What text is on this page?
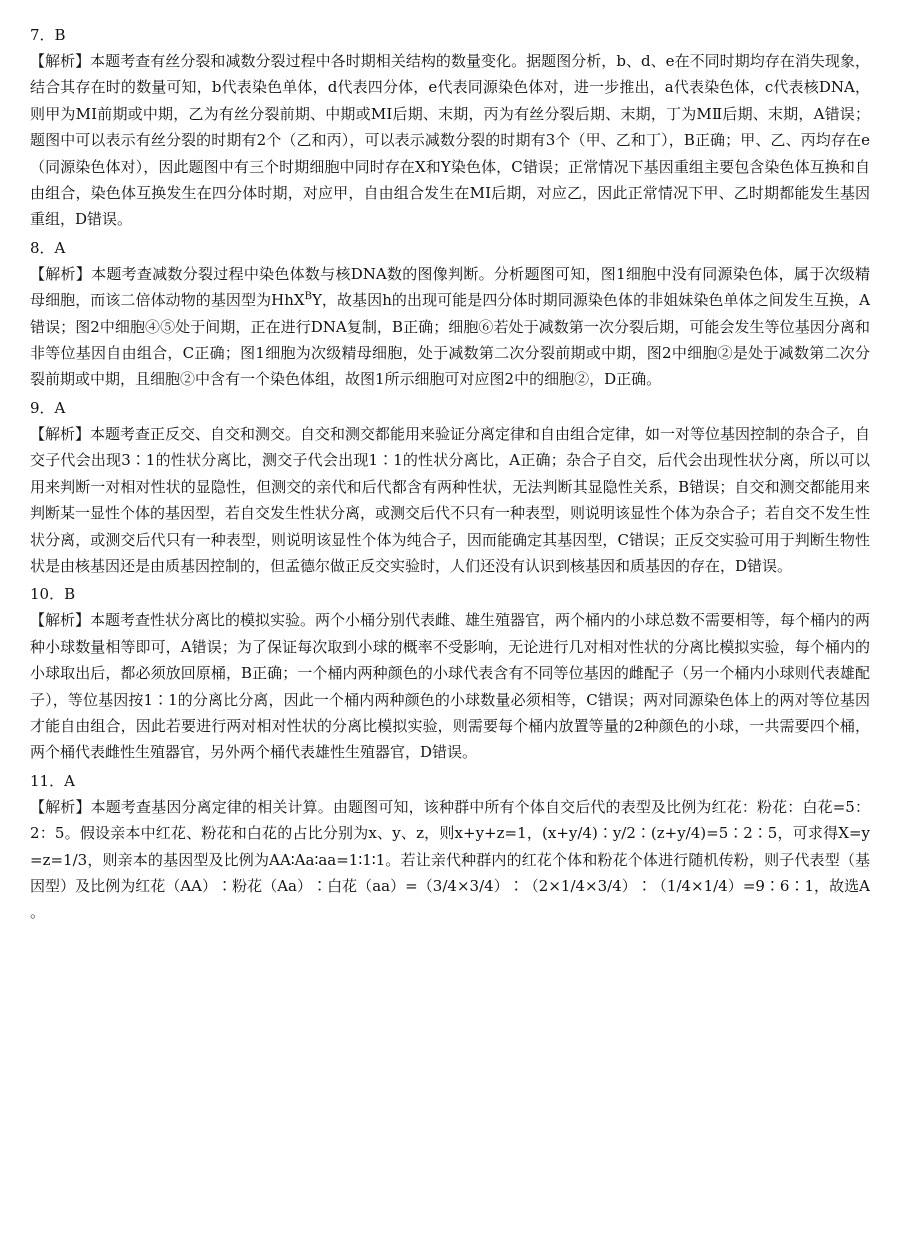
7．B

【解析】本题考查有丝分裂和减数分裂过程中各时期相关结构的数量变化。据题图分析，b、d、e在不同时期均存在消失现象，结合其存在时的数量可知，b代表染色单体，d代表四分体，e代表同源染色体对，进一步推出，a代表染色体，c代表核DNA，则甲为MⅠ前期或中期，乙为有丝分裂前期、中期或MⅠ后期、末期，丙为有丝分裂后期、末期，丁为MⅡ后期、末期，A错误；题图中可以表示有丝分裂的时期有2个（乙和丙），可以表示减数分裂的时期有3个（甲、乙和丁），B正确；甲、乙、丙均存在e（同源染色体对），因此题图中有三个时期细胞中同时存在X和Y染色体，C错误；正常情况下基因重组主要包含染色体互换和自由组合，染色体互换发生在四分体时期，对应甲，自由组合发生在MⅠ后期，对应乙，因此正常情况下甲、乙时期都能发生基因重组，D错误。

8．A

【解析】本题考查减数分裂过程中染色体数与核DNA数的图像判断。分析题图可知，图1细胞中没有同源染色体，属于次级精母细胞，而该二倍体动物的基因型为HhX$^B$Y，故基因h的出现可能是四分体时期同源染色体的非姐妹染色单体之间发生互换，A错误；图2中细胞④⑤处于间期，正在进行DNA复制，B正确；细胞⑥若处于减数第一次分裂后期，可能会发生等位基因分离和非等位基因自由组合，C正确；图1细胞为次级精母细胞，处于减数第二次分裂前期或中期，图2中细胞②是处于减数第二次分裂前期或中期，且细胞②中含有一个染色体组，故图1所示细胞可对应图2中的细胞②，D正确。

9．A

【解析】本题考查正反交、自交和测交。自交和测交都能用来验证分离定律和自由组合定律，如一对等位基因控制的杂合子，自交子代会出现3∶1的性状分离比，测交子代会出现1∶1的性状分离比，A正确；杂合子自交，后代会出现性状分离，所以可以用来判断一对相对性状的显隐性，但测交的亲代和后代都含有两种性状，无法判断其显隐性关系，B错误；自交和测交都能用来判断某一显性个体的基因型，若自交发生性状分离，或测交后代不只有一种表型，则说明该显性个体为杂合子；若自交不发生性状分离，或测交后代只有一种表型，则说明该显性个体为纯合子，因而能确定其基因型，C错误；正反交实验可用于判断生物性状是由核基因还是由质基因控制的，但孟德尔做正反交实验时，人们还没有认识到核基因和质基因的存在，D错误。

10．B

【解析】本题考查性状分离比的模拟实验。两个小桶分别代表雌、雄生殖器官，两个桶内的小球总数不需要相等，每个桶内的两种小球数量相等即可，A错误；为了保证每次取到小球的概率不受影响，无论进行几对相对性状的分离比模拟实验，每个桶内的小球取出后，都必须放回原桶，B正确；一个桶内两种颜色的小球代表含有不同等位基因的雌配子（另一个桶内小球则代表雄配子），等位基因按1∶1的分离比分离，因此一个桶内两种颜色的小球数量必须相等，C错误；两对同源染色体上的两对等位基因才能自由组合，因此若要进行两对相对性状的分离比模拟实验，则需要每个桶内放置等量的2种颜色的小球，一共需要四个桶，两个桶代表雌性生殖器官，另外两个桶代表雄性生殖器官，D错误。

11．A

【解析】本题考查基因分离定律的相关计算。由题图可知，该种群中所有个体自交后代的表型及比例为红花：粉花：白花=5：2：5。假设亲本中红花、粉花和白花的占比分别为x、y、z，则x+y+z=1，(x+y/4)∶y/2∶(z+y/4)=5∶2∶5，可求得X=y=z=1/3，则亲本的基因型及比例为AA∶Aa∶aa=1∶1∶1。若让亲代种群内的红花个体和粉花个体进行随机传粉，则子代表型（基因型）及比例为红花（AA）∶粉花（Aa）∶白花（aa）=（3/4×3/4）∶（2×1/4×3/4）∶（1/4×1/4）=9∶6∶1，故选A。
